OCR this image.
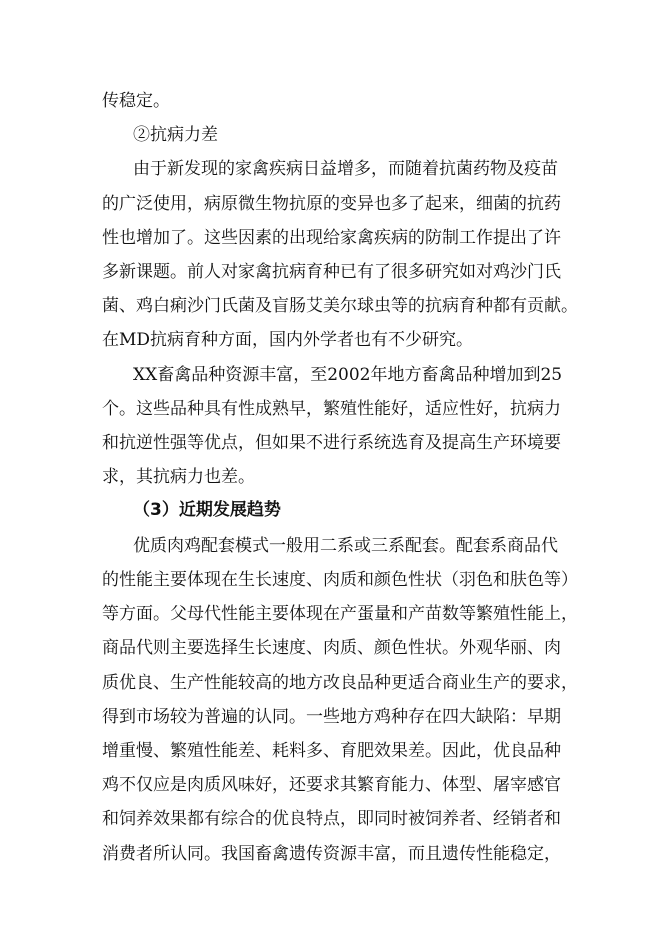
传稳定。
②抗病力差
由于新发现的家禽疾病日益增多，而随着抗菌药物及疫苗
的广泛使用，病原微生物抗原的变异也多了起来，细菌的抗药
性也增加了。这些因素的出现给家禽疾病的防制工作提出了许
多新课题。前人对家禽抗病育种已有了很多研究如对鸡沙门氏
菌、鸡白痢沙门氏菌及盲肠艾美尔球虫等的抗病育种都有贡献。
在MD抗病育种方面，国内外学者也有不少研究。
XX畜禽品种资源丰富，至2002年地方畜禽品种增加到25
个。这些品种具有性成熟早，繁殖性能好，适应性好，抗病力
和抗逆性强等优点，但如果不进行系统选育及提高生产环境要
求，其抗病力也差。
（3）近期发展趋势
优质肉鸡配套模式一般用二系或三系配套。配套系商品代
的性能主要体现在生长速度、肉质和颜色性状（羽色和肤色等）
等方面。父母代性能主要体现在产蛋量和产苗数等繁殖性能上，
商品代则主要选择生长速度、肉质、颜色性状。外观华丽、肉
质优良、生产性能较高的地方改良品种更适合商业生产的要求，
得到市场较为普遍的认同。一些地方鸡种存在四大缺陷：早期
增重慢、繁殖性能差、耗料多、育肥效果差。因此，优良品种
鸡不仅应是肉质风味好，还要求其繁育能力、体型、屠宰感官
和饲养效果都有综合的优良特点，即同时被饲养者、经销者和
消费者所认同。我国畜禽遗传资源丰富，而且遗传性能稳定，
